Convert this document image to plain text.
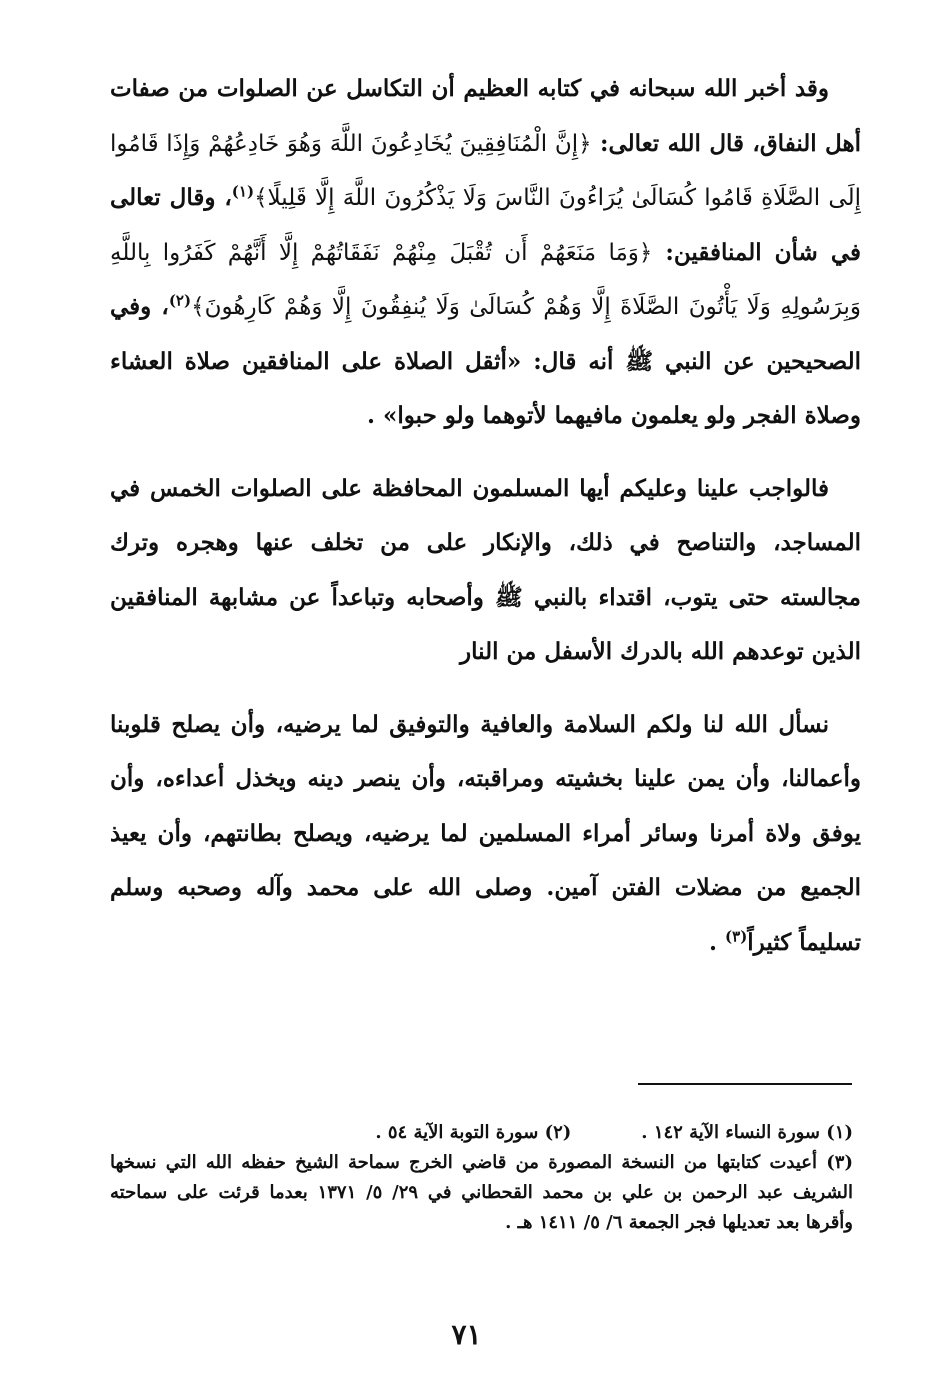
وقد أخبر الله سبحانه في كتابه العظيم أن التكاسل عن الصلوات من صفات أهل النفاق، قال الله تعالى: ﴿إِنَّ الْمُنَافِقِينَ يُخَادِعُونَ اللَّهَ وَهُوَ خَادِعُهُمْ وَإِذَا قَامُوا إِلَى الصَّلَاةِ قَامُوا كُسَالَىٰ يُرَاءُونَ النَّاسَ وَلَا يَذْكُرُونَ اللَّهَ إِلَّا قَلِيلًا﴾$^{(١)}$، وقال تعالى في شأن المنافقين: ﴿وَمَا مَنَعَهُمْ أَن تُقْبَلَ مِنْهُمْ نَفَقَاتُهُمْ إِلَّا أَنَّهُمْ كَفَرُوا بِاللَّهِ وَبِرَسُولِهِ وَلَا يَأْتُونَ الصَّلَاةَ إِلَّا وَهُمْ كُسَالَىٰ وَلَا يُنفِقُونَ إِلَّا وَهُمْ كَارِهُونَ﴾$^{(٢)}$، وفي الصحيحين عن النبي ﷺ أنه قال: «أثقل الصلاة على المنافقين صلاة العشاء وصلاة الفجر ولو يعلمون مافيهما لأتوهما ولو حبوا» .

فالواجب علينا وعليكم أيها المسلمون المحافظة على الصلوات الخمس في المساجد، والتناصح في ذلك، والإنكار على من تخلف عنها وهجره وترك مجالسته حتى يتوب، اقتداء بالنبي ﷺ وأصحابه وتباعداً عن مشابهة المنافقين الذين توعدهم الله بالدرك الأسفل من النار

نسأل الله لنا ولكم السلامة والعافية والتوفيق لما يرضيه، وأن يصلح قلوبنا وأعمالنا، وأن يمن علينا بخشيته ومراقبته، وأن ينصر دينه ويخذل أعداءه، وأن يوفق ولاة أمرنا وسائر أمراء المسلمين لما يرضيه، ويصلح بطانتهم، وأن يعيذ الجميع من مضلات الفتن آمين. وصلى الله على محمد وآله وصحبه وسلم تسليماً كثيراً$^{(٣)}$ .

(١) سورة النساء الآية ١٤٢ .
(٢) سورة التوبة الآية ٥٤ .

(٣) أعيدت كتابتها من النسخة المصورة من قاضي الخرج سماحة الشيخ حفظه الله التي نسخها الشريف عبد الرحمن بن علي بن محمد القحطاني في ٢٩/ ٥/ ١٣٧١ بعدما قرئت على سماحته وأقرها بعد تعديلها فجر الجمعة ٦/ ٥/ ١٤١١ هـ .

٧١
